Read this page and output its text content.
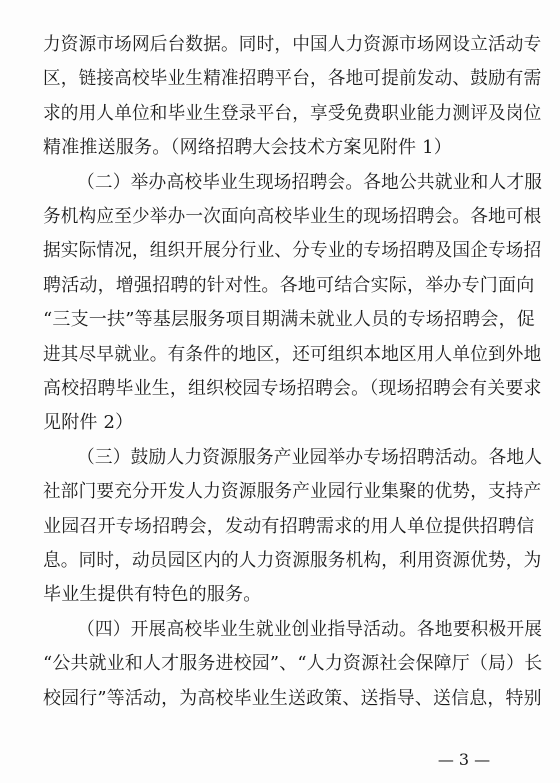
力资源市场网后台数据。同时，中国人力资源市场网设立活动专
区，链接高校毕业生精准招聘平台，各地可提前发动、鼓励有需
求的用人单位和毕业生登录平台，享受免费职业能力测评及岗位
精准推送服务。（网络招聘大会技术方案见附件 1）
（二）举办高校毕业生现场招聘会。各地公共就业和人才服
务机构应至少举办一次面向高校毕业生的现场招聘会。各地可根
据实际情况，组织开展分行业、分专业的专场招聘及国企专场招
聘活动，增强招聘的针对性。各地可结合实际，举办专门面向
“三支一扶”等基层服务项目期满未就业人员的专场招聘会，促
进其尽早就业。有条件的地区，还可组织本地区用人单位到外地
高校招聘毕业生，组织校园专场招聘会。（现场招聘会有关要求
见附件 2）
（三）鼓励人力资源服务产业园举办专场招聘活动。各地人
社部门要充分开发人力资源服务产业园行业集聚的优势，支持产
业园召开专场招聘会，发动有招聘需求的用人单位提供招聘信
息。同时，动员园区内的人力资源服务机构，利用资源优势，为
毕业生提供有特色的服务。
（四）开展高校毕业生就业创业指导活动。各地要积极开展
“公共就业和人才服务进校园”、“人力资源社会保障厅（局）长
校园行”等活动，为高校毕业生送政策、送指导、送信息，特别
— 3 —
